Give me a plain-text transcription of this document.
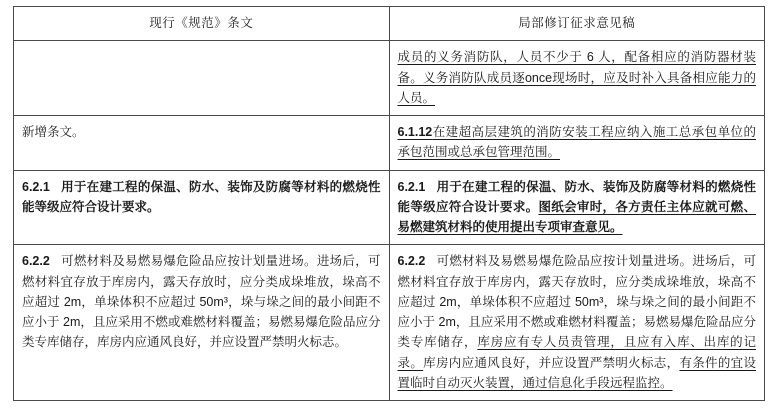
现行《规范》条文	局部修订征求意见稿

	成员的义务消防队，人员不少于 6 人，配备相应的消防器材装备。义务消防队成员逐once现场时，应及时补入具备相应能力的人员。

新增条文。	6.1.12在建超高层建筑的消防安装工程应纳入施工总承包单位的承包范围或总承包管理范围。

6.2.1 用于在建工程的保温、防水、装饰及防腐等材料的燃烧性能等级应符合设计要求。	6.2.1 用于在建工程的保温、防水、装饰及防腐等材料的燃烧性能等级应符合设计要求。图纸会审时，各方责任主体应就可燃、易燃建筑材料的使用提出专项审查意见。

6.2.2 可燃材料及易燃易爆危险品应按计划量进场。进场后，可燃材料宜存放于库房内，露天存放时，应分类成垛堆放，垛高不应超过 2m，单垛体积不应超过 50m³，垛与垛之间的最小间距不应小于 2m，且应采用不燃或难燃材料覆盖；易燃易爆危险品应分类专库储存，库房内应通风良好，并应设置严禁明火标志。	6.2.2 可燃材料及易燃易爆危险品应按计划量进场。进场后，可燃材料宜存放于库房内，露天存放时，应分类成垛堆放，垛高不应超过 2m，单垛体积不应超过 50m³，垛与垛之间的最小间距不应小于 2m，且应采用不燃或难燃材料覆盖；易燃易爆危险品应分类专库储存，库房应有专人员责管理，且应有入库、出库的记录。库房内应通风良好，并应设置严禁明火标志，有条件的宜设置临时自动灭火装置，通过信息化手段远程监控。
